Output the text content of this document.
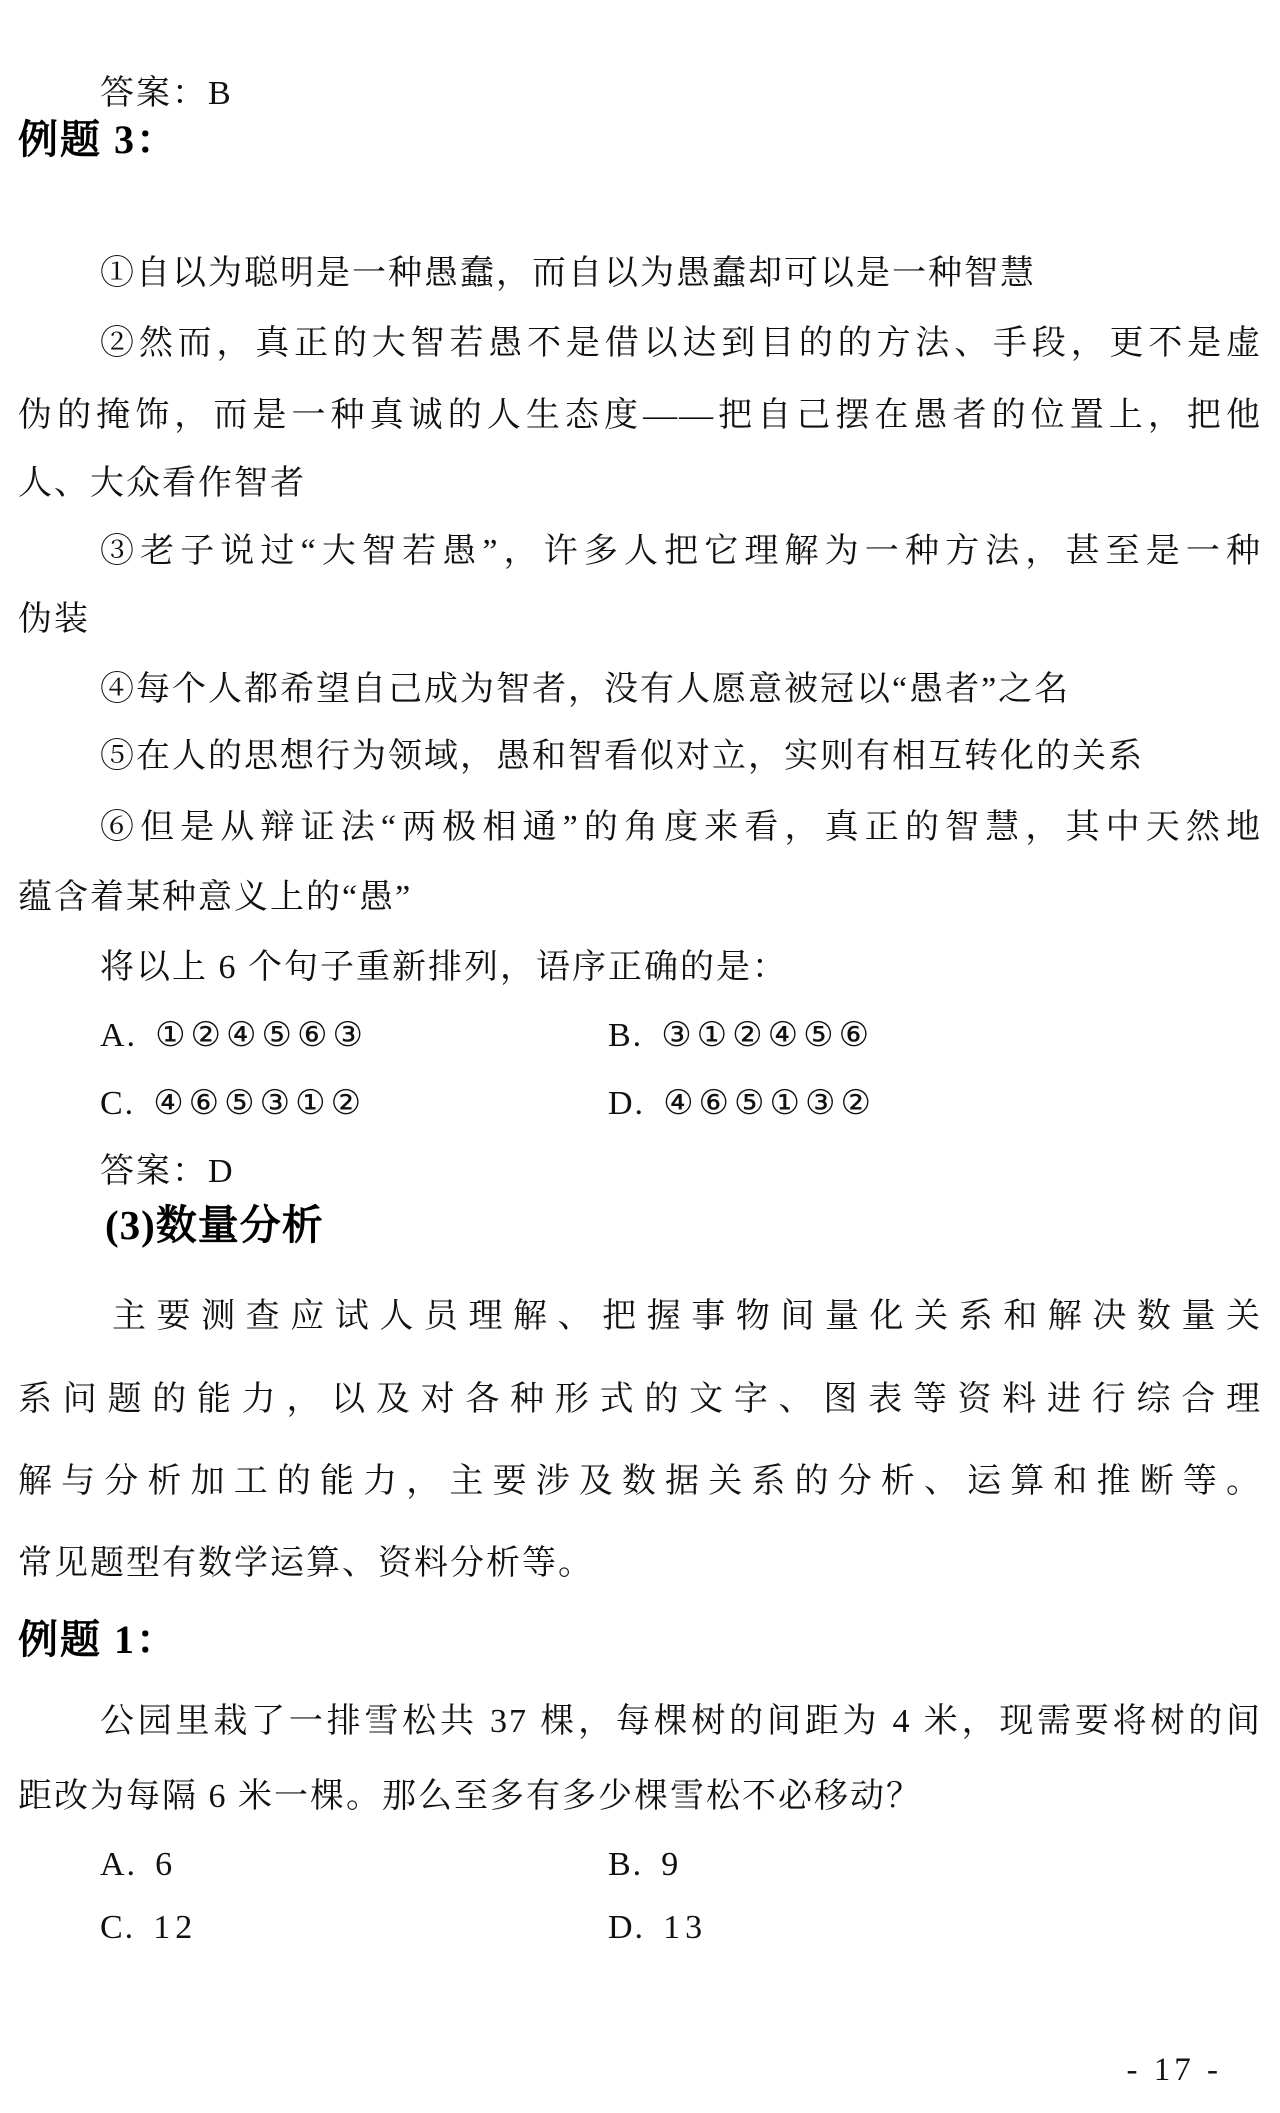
答案：B
例题 3：
①自以为聪明是一种愚蠢，而自以为愚蠢却可以是一种智慧
②然而，真正的大智若愚不是借以达到目的的方法、手段，更不是虚
伪的掩饰，而是一种真诚的人生态度——把自己摆在愚者的位置上，把他
人、大众看作智者
③老子说过“大智若愚”，许多人把它理解为一种方法，甚至是一种
伪装
④每个人都希望自己成为智者，没有人愿意被冠以“愚者”之名
⑤在人的思想行为领域，愚和智看似对立，实则有相互转化的关系
⑥但是从辩证法“两极相通”的角度来看，真正的智慧，其中天然地
蕴含着某种意义上的“愚”
将以上 6 个句子重新排列，语序正确的是：
A. ①②④⑤⑥③	B. ③①②④⑤⑥
C. ④⑥⑤③①②	D. ④⑥⑤①③②
答案：D
(3)数量分析
主要测查应试人员理解、把握事物间量化关系和解决数量关
系问题的能力，以及对各种形式的文字、图表等资料进行综合理
解与分析加工的能力，主要涉及数据关系的分析、运算和推断等。
常见题型有数学运算、资料分析等。
例题 1：
公园里栽了一排雪松共 37 棵，每棵树的间距为 4 米，现需要将树的间
距改为每隔 6 米一棵。那么至多有多少棵雪松不必移动？
A. 6	B. 9
C. 12	D. 13
- 17 -
